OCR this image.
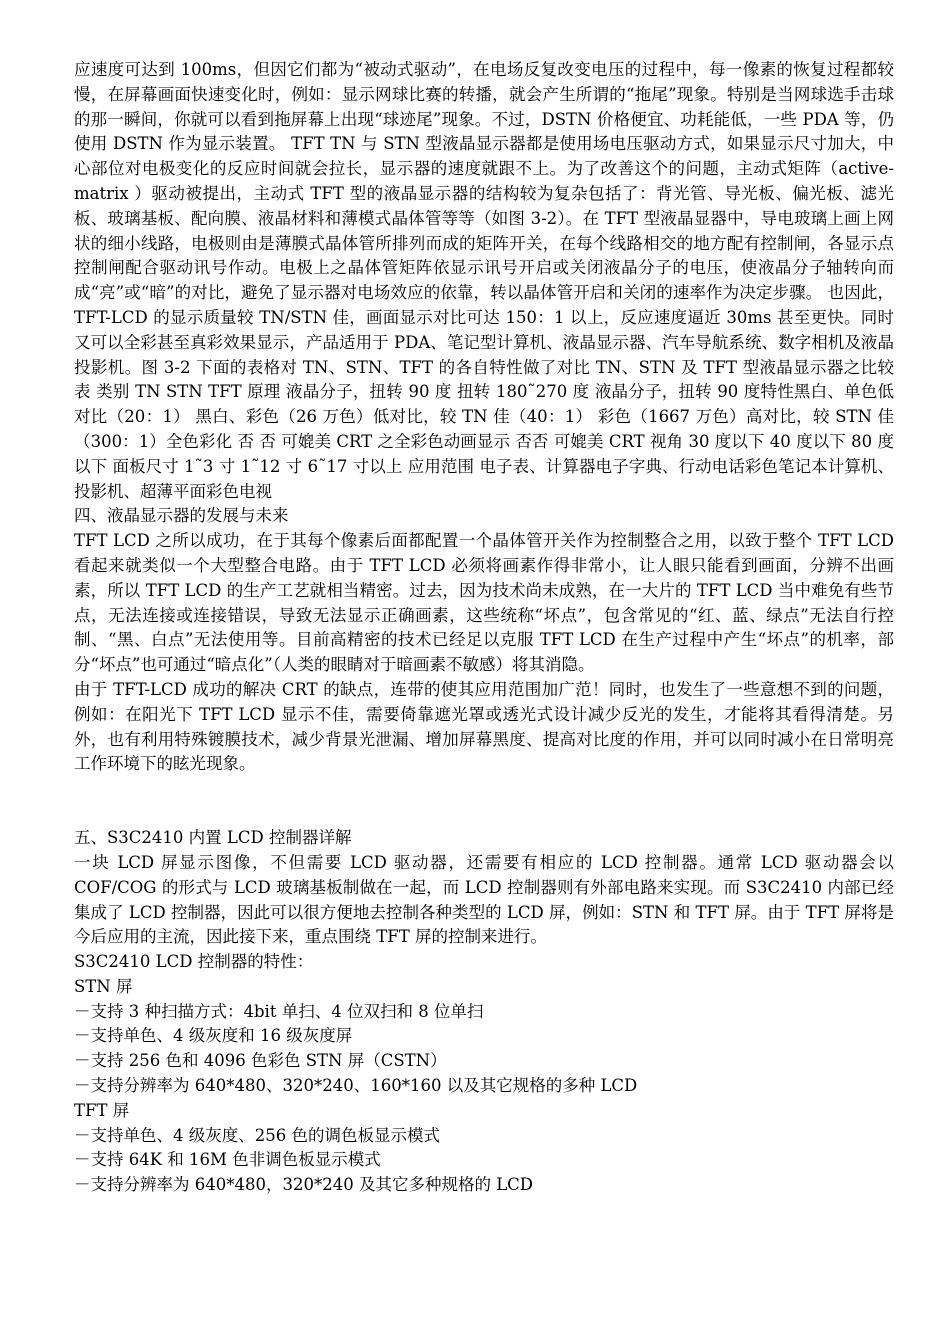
应速度可达到 100ms，但因它们都为“被动式驱动”，在电场反复改变电压的过程中，每一像素的恢复过程都较慢，在屏幕画面快速变化时，例如：显示网球比赛的转播，就会产生所谓的“拖尾”现象。特别是当网球选手击球的那一瞬间，你就可以看到拖屏幕上出现“球迹尾”现象。不过，DSTN 价格便宜、功耗能低，一些 PDA 等，仍使用 DSTN 作为显示装置。 TFT TN 与 STN 型液晶显示器都是使用场电压驱动方式，如果显示尺寸加大，中心部位对电极变化的反应时间就会拉长，显示器的速度就跟不上。为了改善这个的问题，主动式矩阵（active-matrix ）驱动被提出，主动式 TFT 型的液晶显示器的结构较为复杂包括了：背光管、导光板、偏光板、滤光板、玻璃基板、配向膜、液晶材料和薄模式晶体管等等（如图 3-2）。在 TFT 型液晶显器中，导电玻璃上画上网状的细小线路，电极则由是薄膜式晶体管所排列而成的矩阵开关，在每个线路相交的地方配有控制闸，各显示点控制闸配合驱动讯号作动。电极上之晶体管矩阵依显示讯号开启或关闭液晶分子的电压，使液晶分子轴转向而成“亮”或“暗”的对比，避免了显示器对电场效应的依靠，转以晶体管开启和关闭的速率作为决定步骤。 也因此，TFT-LCD 的显示质量较 TN/STN 佳，画面显示对比可达 150：1 以上，反应速度逼近 30ms 甚至更快。同时又可以全彩甚至真彩效果显示，产品适用于 PDA、笔记型计算机、液晶显示器、汽车导航系统、数字相机及液晶投影机。图 3-2 下面的表格对 TN、STN、TFT 的各自特性做了对比 TN、STN 及 TFT 型液晶显示器之比较表 类别 TN STN TFT 原理 液晶分子，扭转 90 度 扭转 180˜270 度 液晶分子，扭转 90 度特性黑白、单色低对比（20：1） 黑白、彩色（26 万色）低对比，较 TN 佳（40：1） 彩色（1667 万色）高对比，较 STN 佳（300：1）全色彩化 否 否 可媲美 CRT 之全彩色动画显示 否否 可媲美 CRT 视角 30 度以下 40 度以下 80 度以下 面板尺寸 1˜3 寸 1˜12 寸 6˜17 寸以上 应用范围 电子表、计算器电子字典、行动电话彩色笔记本计算机、投影机、超薄平面彩色电视

四、液晶显示器的发展与未来

TFT LCD 之所以成功，在于其每个像素后面都配置一个晶体管开关作为控制整合之用，以致于整个 TFT LCD 看起来就类似一个大型整合电路。由于 TFT LCD 必须将画素作得非常小，让人眼只能看到画面，分辨不出画素，所以 TFT LCD 的生产工艺就相当精密。过去，因为技术尚未成熟，在一大片的 TFT LCD 当中难免有些节点，无法连接或连接错误，导致无法显示正确画素，这些统称“坏点”，包含常见的“红、蓝、绿点”无法自行控制、“黑、白点”无法使用等。目前高精密的技术已经足以克服 TFT LCD 在生产过程中产生“坏点”的机率，部分“坏点”也可通过“暗点化”（人类的眼睛对于暗画素不敏感）将其消隐。

由于 TFT-LCD 成功的解决 CRT 的缺点，连带的使其应用范围加广范！同时，也发生了一些意想不到的问题，例如：在阳光下 TFT LCD 显示不佳，需要倚靠遮光罩或透光式设计减少反光的发生，才能将其看得清楚。另外，也有利用特殊镀膜技术，减少背景光泄漏、增加屏幕黑度、提高对比度的作用，并可以同时减小在日常明亮工作环境下的眩光现象。

五、S3C2410 内置 LCD 控制器详解

一块 LCD 屏显示图像，不但需要 LCD 驱动器，还需要有相应的 LCD 控制器。通常 LCD 驱动器会以 COF/COG 的形式与 LCD 玻璃基板制做在一起，而 LCD 控制器则有外部电路来实现。而 S3C2410 内部已经集成了 LCD 控制器，因此可以很方便地去控制各种类型的 LCD 屏，例如：STN 和 TFT 屏。由于 TFT 屏将是今后应用的主流，因此接下来，重点围绕 TFT 屏的控制来进行。

S3C2410 LCD 控制器的特性：

STN 屏

－支持 3 种扫描方式：4bit 单扫、4 位双扫和 8 位单扫

－支持单色、4 级灰度和 16 级灰度屏

－支持 256 色和 4096 色彩色 STN 屏（CSTN）

－支持分辨率为 640*480、320*240、160*160 以及其它规格的多种 LCD

TFT 屏

－支持单色、4 级灰度、256 色的调色板显示模式

－支持 64K 和 16M 色非调色板显示模式

－支持分辨率为 640*480，320*240 及其它多种规格的 LCD
